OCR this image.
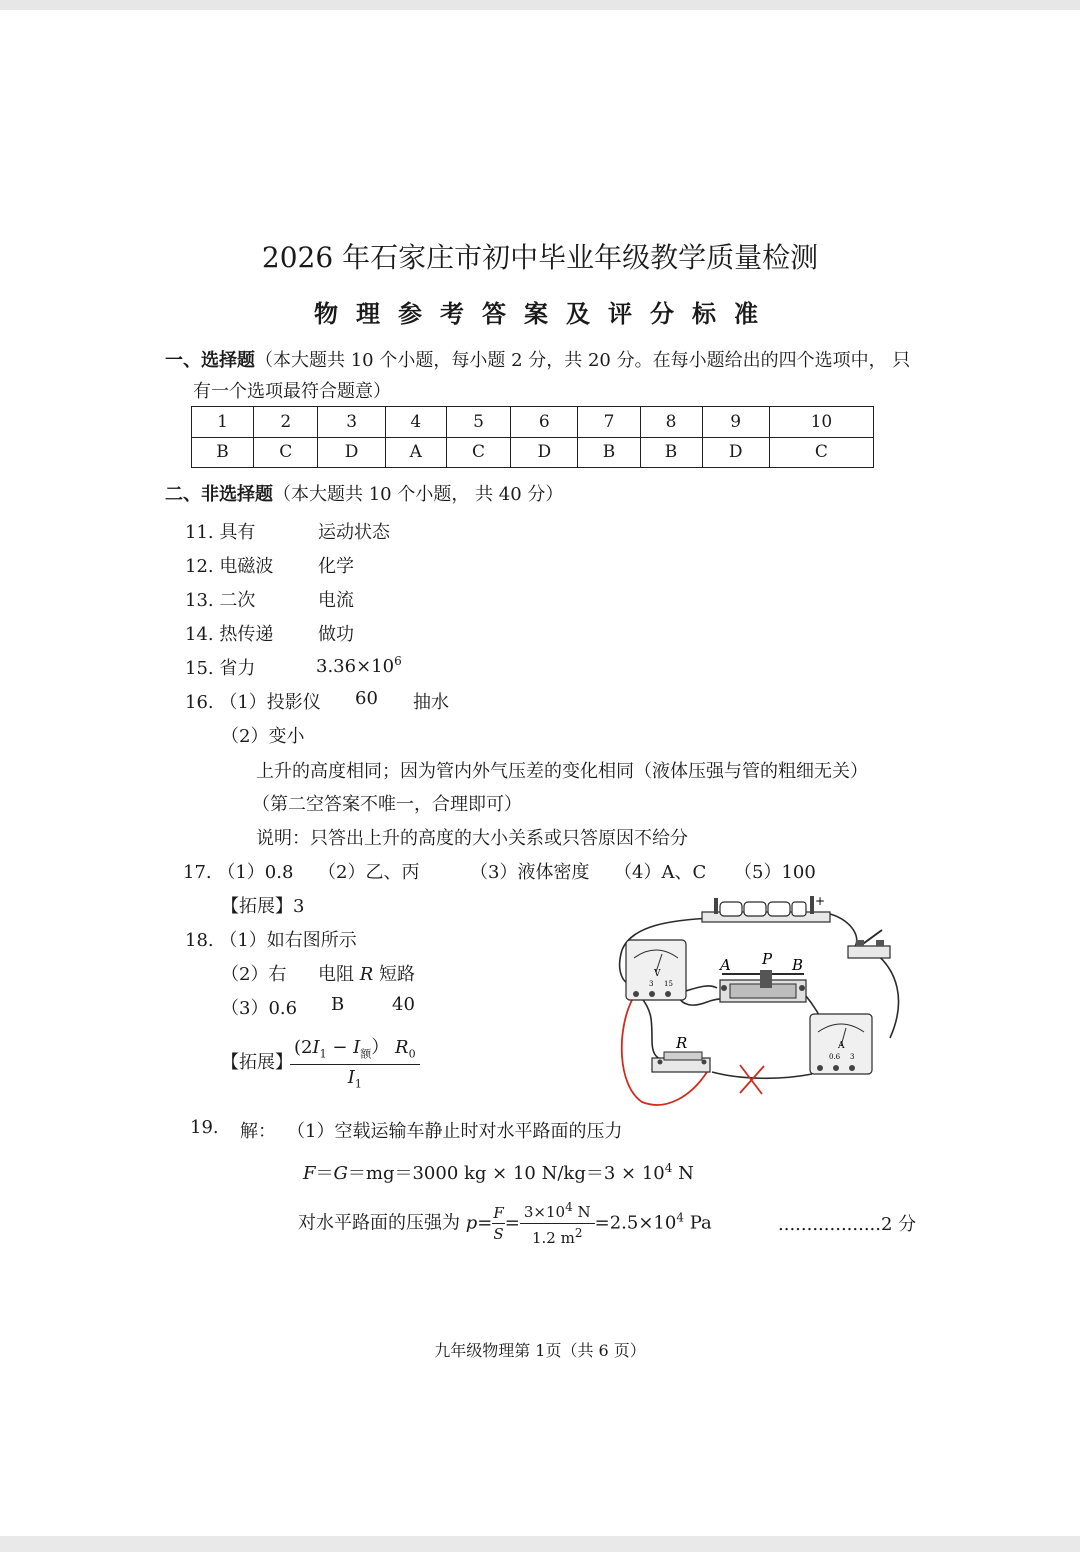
2026 年石家庄市初中毕业年级教学质量检测
物理参考答案及评分标准
一、选择题（本大题共 10 个小题，每小题 2 分，共 20 分。在每小题给出的四个选项中， 只
有一个选项最符合题意）
1	2	3	4	5	6	7	8	9	10
B	C	D	A	C	D	B	B	D	C
二、非选择题（本大题共 10 个小题， 共 40 分）
11. 具有	运动状态
12. 电磁波 化学
13. 二次	电流
14. 热传递 做功
15. 省力	$3.36\times 10^6$
16. （1）投影仪 60 抽水
（2）变小
上升的高度相同；因为管内外气压差的变化相同（液体压强与管的粗细无关）
（第二空答案不唯一，合理即可）
说明：只答出上升的高度的大小关系或只答原因不给分
17. （1）0.8 （2）乙、丙	（3）液体密度 （4）A、C （5）100
【拓展】3
18. （1）如右图所示
（2）右 电阻 R 短路
（3）0.6 B	40
【拓展】
$\frac{(2I_1 - I_额) R_0}{I_1}$
+
V
3 15
A P B
R	A
0.6 3
19. 解： （1）空载运输车静止时对水平路面的压力
F＝G＝mg＝3000 kg × 10 $N/kg=3 \times 10^4$ N
对水平路面的压强为 $p= \frac{F}{S} = \frac{3\times 10^4 N}{1.2 m^2} =2.5\times 10^4$ Pa	..................2 分
九年级物理第 1页（共 6 页）
